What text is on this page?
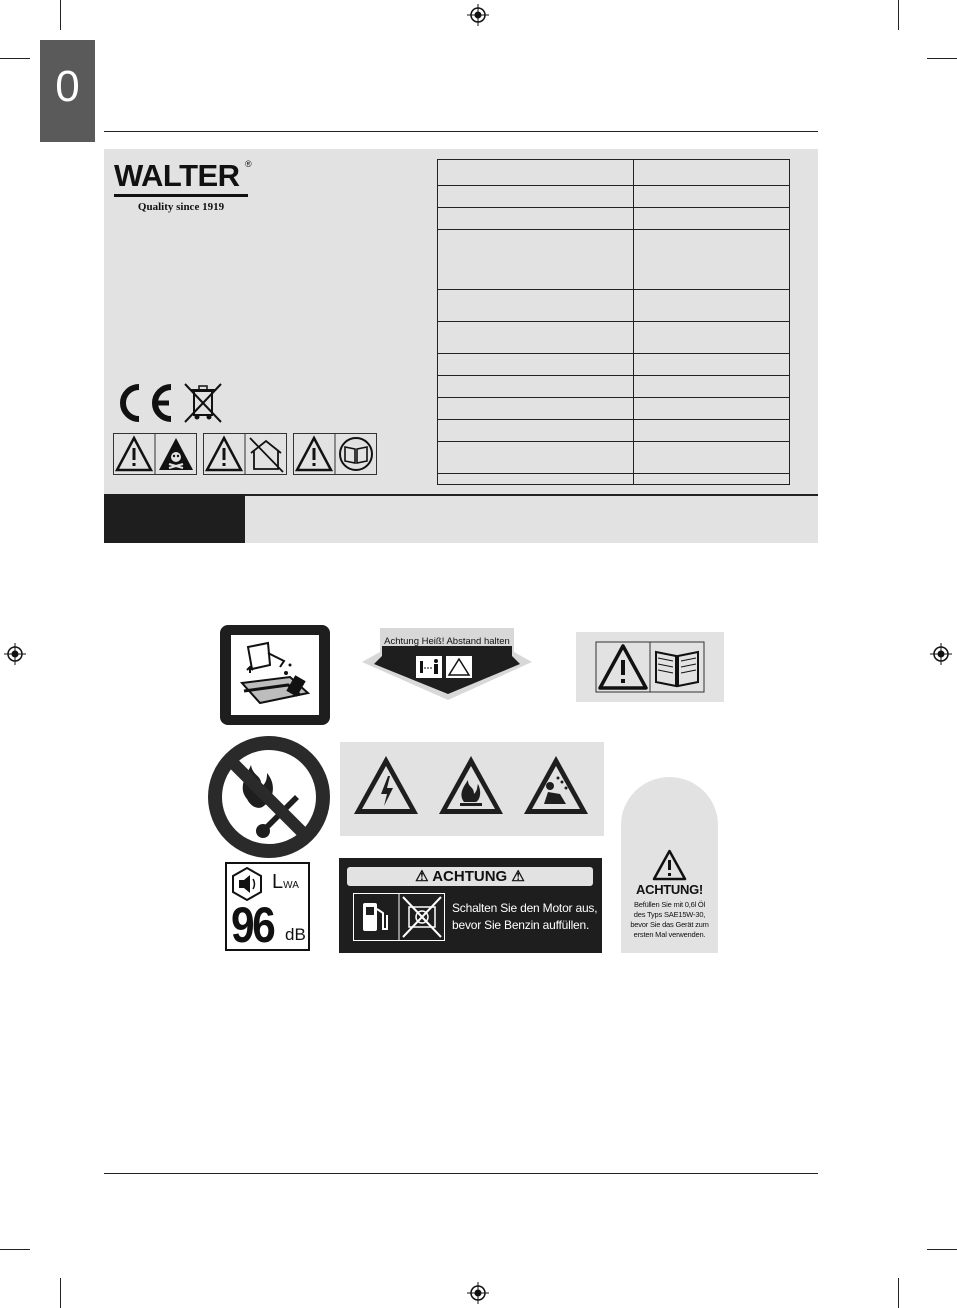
0
WALTER ®
Quality since 1919

Achtung Heiß! Abstand halten
ACHTUNG!
Befüllen Sie mit 0,6l Öl
des Typs SAE15W-30,
bevor Sie das Gerät zum
ersten Mal verwenden.
LWA
96 dB
⚠ ACHTUNG ⚠
Schalten Sie den Motor aus,
bevor Sie Benzin auffüllen.
